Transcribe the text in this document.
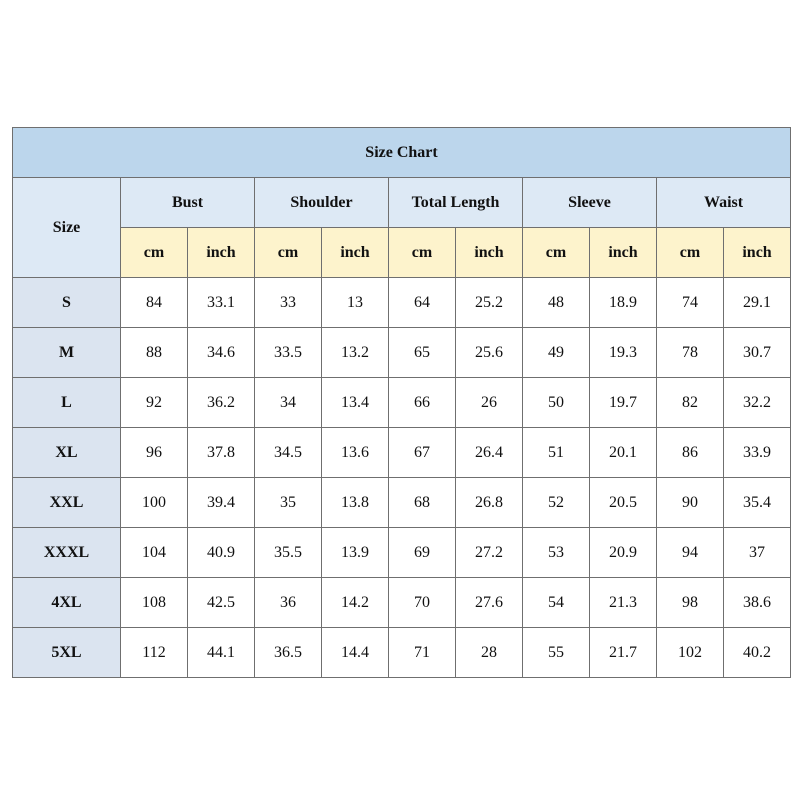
Size Chart										
Size	Bust		Shoulder		Total Length		Sleeve		Waist	
	cm	inch	cm	inch	cm	inch	cm	inch	cm	inch
S	84	33.1	33	13	64	25.2	48	18.9	74	29.1
M	88	34.6	33.5	13.2	65	25.6	49	19.3	78	30.7
L	92	36.2	34	13.4	66	26	50	19.7	82	32.2
XL	96	37.8	34.5	13.6	67	26.4	51	20.1	86	33.9
XXL	100	39.4	35	13.8	68	26.8	52	20.5	90	35.4
XXXL	104	40.9	35.5	13.9	69	27.2	53	20.9	94	37
4XL	108	42.5	36	14.2	70	27.6	54	21.3	98	38.6
5XL	112	44.1	36.5	14.4	71	28	55	21.7	102	40.2
